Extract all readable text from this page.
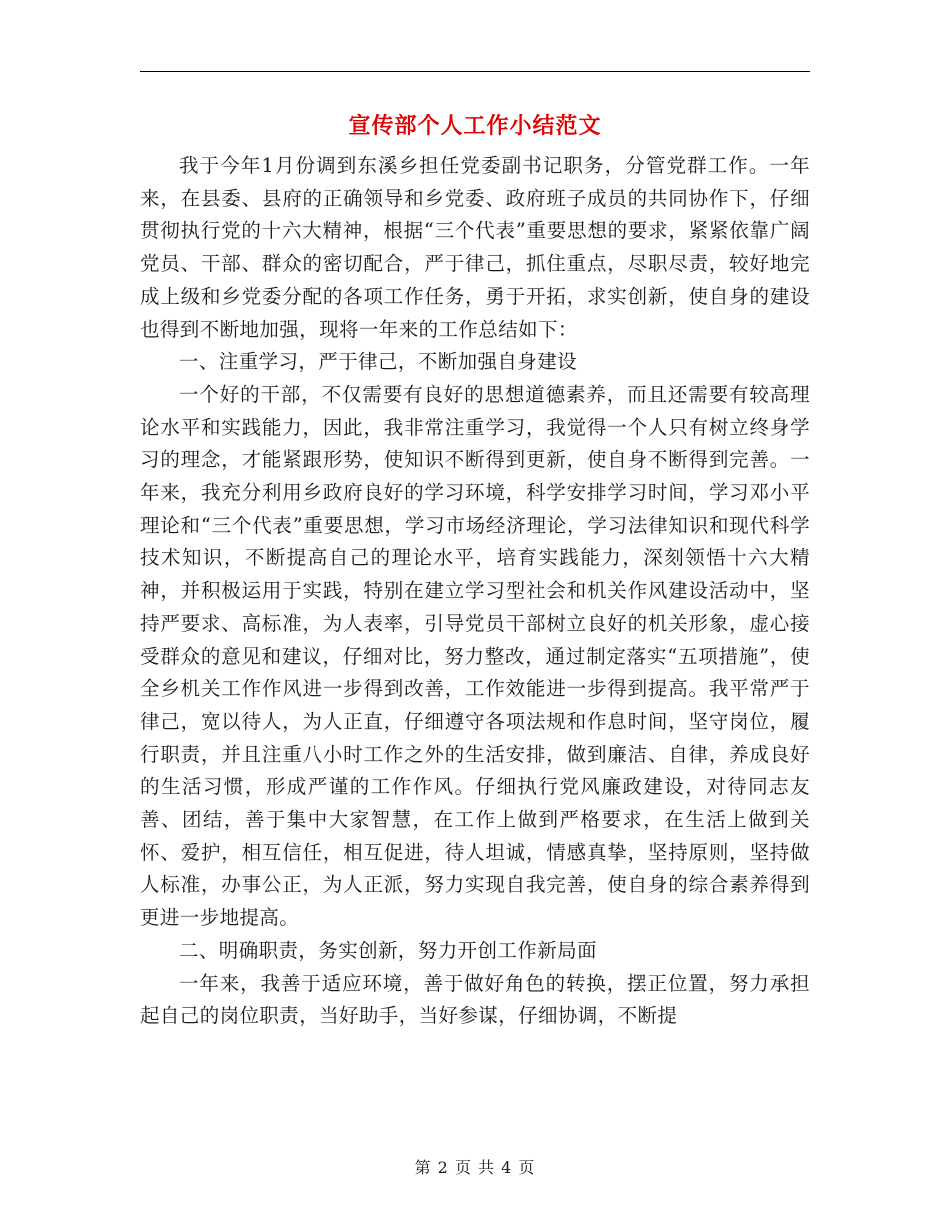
宣传部个人工作小结范文

我于今年1月份调到东溪乡担任党委副书记职务，分管党群工作。一年来，在县委、县府的正确领导和乡党委、政府班子成员的共同协作下，仔细贯彻执行党的十六大精神，根据“三个代表”重要思想的要求，紧紧依靠广阔党员、干部、群众的密切配合，严于律己，抓住重点，尽职尽责，较好地完成上级和乡党委分配的各项工作任务，勇于开拓，求实创新，使自身的建设也得到不断地加强，现将一年来的工作总结如下：

一、注重学习，严于律己，不断加强自身建设

一个好的干部，不仅需要有良好的思想道德素养，而且还需要有较高理论水平和实践能力，因此，我非常注重学习，我觉得一个人只有树立终身学习的理念，才能紧跟形势，使知识不断得到更新，使自身不断得到完善。一年来，我充分利用乡政府良好的学习环境，科学安排学习时间，学习邓小平理论和“三个代表”重要思想，学习市场经济理论，学习法律知识和现代科学技术知识，不断提高自己的理论水平，培育实践能力，深刻领悟十六大精神，并积极运用于实践，特别在建立学习型社会和机关作风建设活动中，坚持严要求、高标准，为人表率，引导党员干部树立良好的机关形象，虚心接受群众的意见和建议，仔细对比，努力整改，通过制定落实“五项措施”，使全乡机关工作作风进一步得到改善，工作效能进一步得到提高。我平常严于律己，宽以待人，为人正直，仔细遵守各项法规和作息时间，坚守岗位，履行职责，并且注重八小时工作之外的生活安排，做到廉洁、自律，养成良好的生活习惯，形成严谨的工作作风。仔细执行党风廉政建设，对待同志友善、团结，善于集中大家智慧，在工作上做到严格要求，在生活上做到关怀、爱护，相互信任，相互促进，待人坦诚，情感真挚，坚持原则，坚持做人标准，办事公正，为人正派，努力实现自我完善，使自身的综合素养得到更进一步地提高。

二、明确职责，务实创新，努力开创工作新局面

一年来，我善于适应环境，善于做好角色的转换，摆正位置，努力承担起自己的岗位职责，当好助手，当好参谋，仔细协调，不断提

第 2 页 共 4 页
